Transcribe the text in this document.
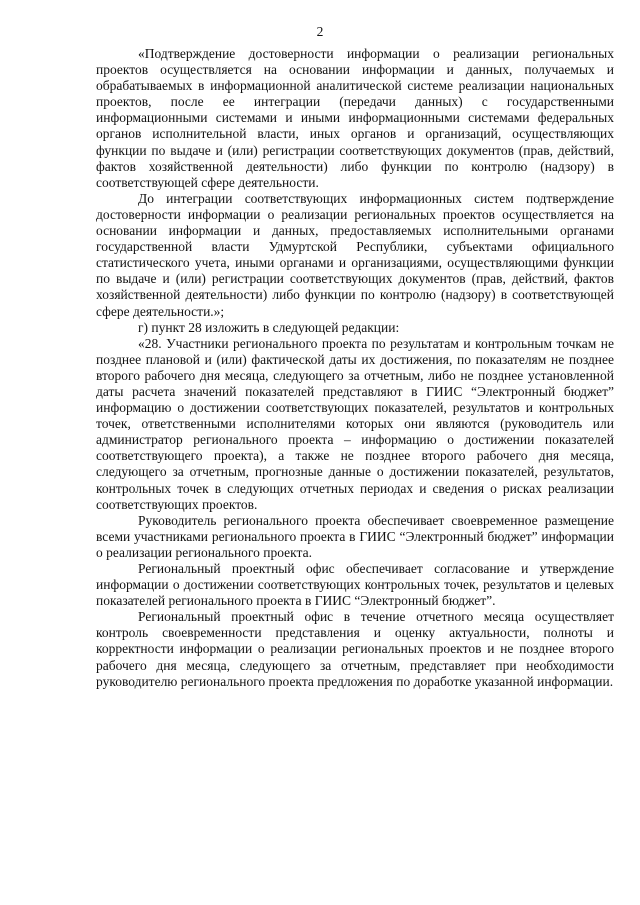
2

«Подтверждение достоверности информации о реализации региональных проектов осуществляется на основании информации и данных, получаемых и обрабатываемых в информационной аналитической системе реализации национальных проектов, после ее интеграции (передачи данных) с государственными информационными системами и иными информационными системами федеральных органов исполнительной власти, иных органов и организаций, осуществляющих функции по выдаче и (или) регистрации соответствующих документов (прав, действий, фактов хозяйственной деятельности) либо функции по контролю (надзору) в соответствующей сфере деятельности.

До интеграции соответствующих информационных систем подтверждение достоверности информации о реализации региональных проектов осуществляется на основании информации и данных, предоставляемых исполнительными органами государственной власти Удмуртской Республики, субъектами официального статистического учета, иными органами и организациями, осуществляющими функции по выдаче и (или) регистрации соответствующих документов (прав, действий, фактов хозяйственной деятельности) либо функции по контролю (надзору) в соответствующей сфере деятельности.»;

г) пункт 28 изложить в следующей редакции:

«28. Участники регионального проекта по результатам и контрольным точкам не позднее плановой и (или) фактической даты их достижения, по показателям не позднее второго рабочего дня месяца, следующего за отчетным, либо не позднее установленной даты расчета значений показателей представляют в ГИИС “Электронный бюджет” информацию о достижении соответствующих показателей, результатов и контрольных точек, ответственными исполнителями которых они являются (руководитель или администратор регионального проекта – информацию о достижении показателей соответствующего проекта), а также не позднее второго рабочего дня месяца, следующего за отчетным, прогнозные данные о достижении показателей, результатов, контрольных точек в следующих отчетных периодах и сведения о рисках реализации соответствующих проектов.

Руководитель регионального проекта обеспечивает своевременное размещение всеми участниками регионального проекта в ГИИС “Электронный бюджет” информации о реализации регионального проекта.

Региональный проектный офис обеспечивает согласование и утверждение информации о достижении соответствующих контрольных точек, результатов и целевых показателей регионального проекта в ГИИС “Электронный бюджет”.

Региональный проектный офис в течение отчетного месяца осуществляет контроль своевременности представления и оценку актуальности, полноты и корректности информации о реализации региональных проектов и не позднее второго рабочего дня месяца, следующего за отчетным, представляет при необходимости руководителю регионального проекта предложения по доработке указанной информации.
